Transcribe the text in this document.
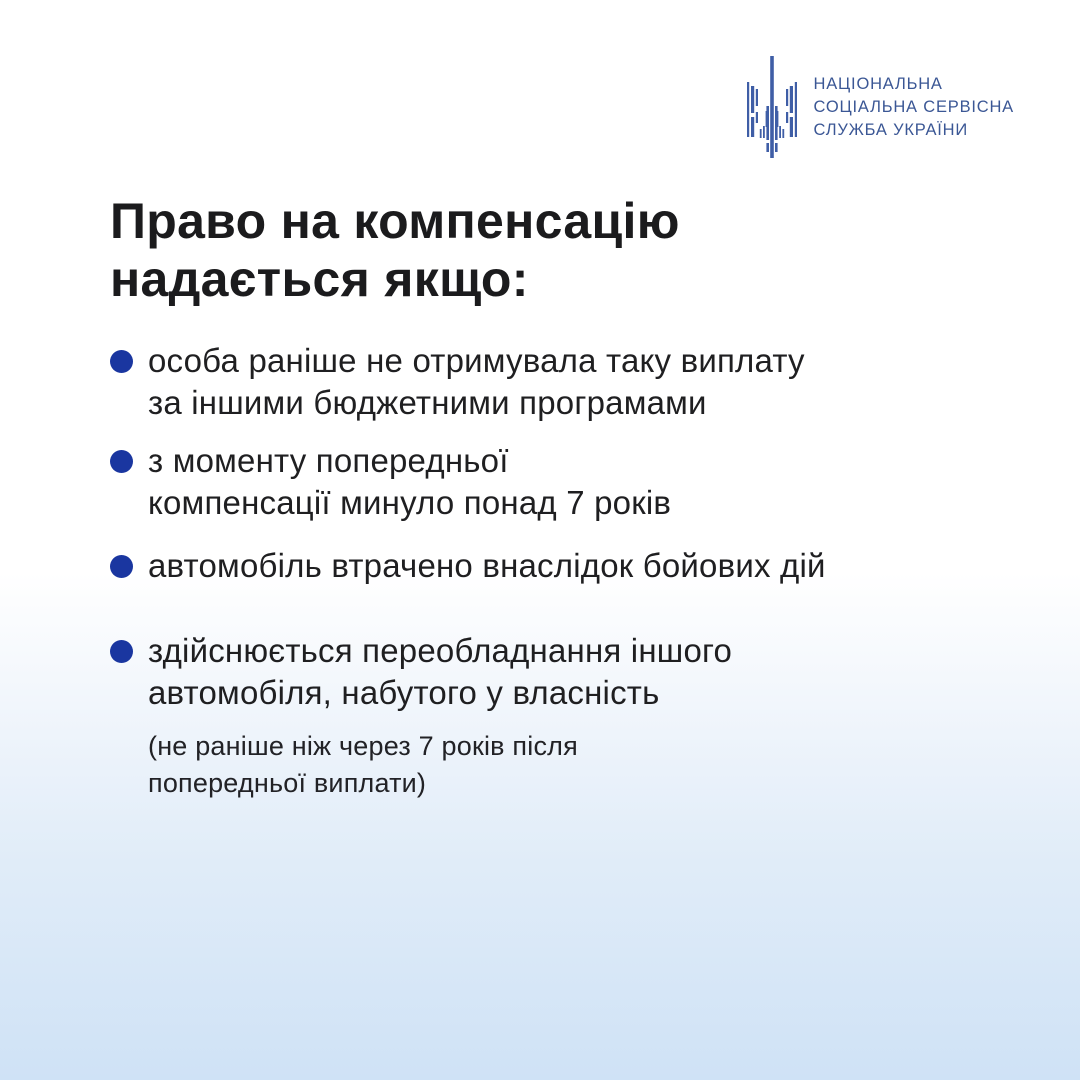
НАЦІОНАЛЬНА
СОЦІАЛЬНА СЕРВІСНА
СЛУЖБА УКРАЇНИ
Право на компенсацію
надається якщо:
особа раніше не отримувала таку виплату
за іншими бюджетними програмами
з моменту попередньої
компенсації минуло понад 7 років
автомобіль втрачено внаслідок бойових дій
здійснюється переобладнання іншого
автомобіля, набутого у власність
(не раніше ніж через 7 років після
попередньої виплати)
